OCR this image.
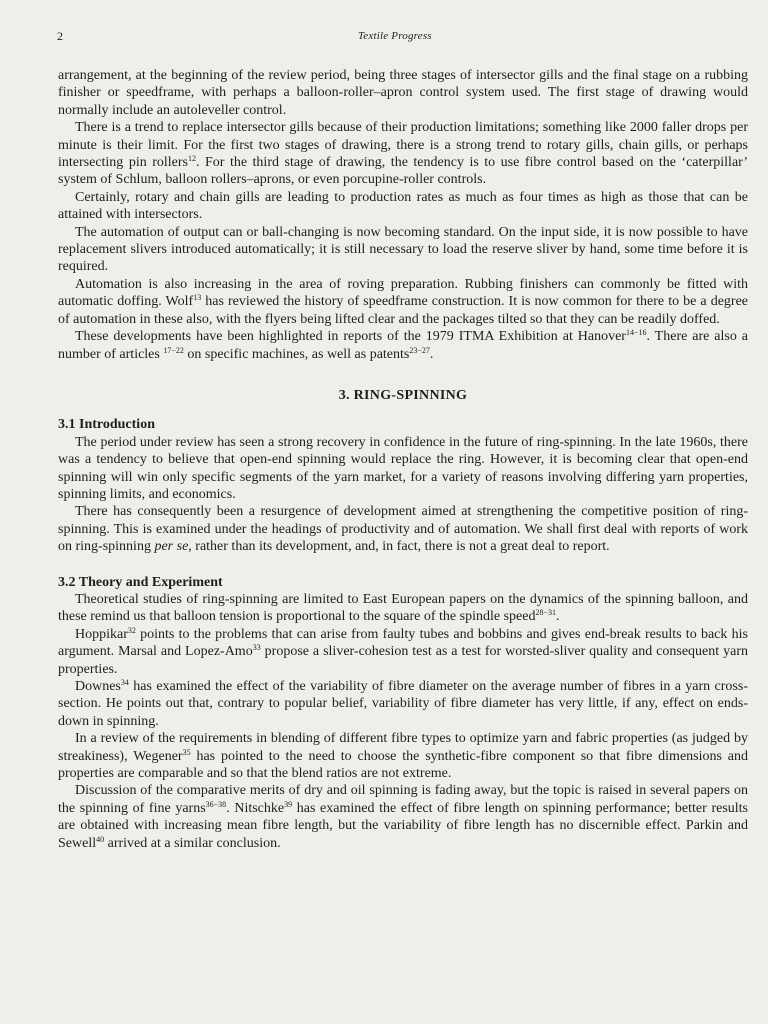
2	Textile Progress

arrangement, at the beginning of the review period, being three stages of intersector gills and the final stage on a rubbing finisher or speedframe, with perhaps a balloon-roller–apron control system used. The first stage of drawing would normally include an autoleveller control.

There is a trend to replace intersector gills because of their production limitations; something like 2000 faller drops per minute is their limit. For the first two stages of drawing, there is a strong trend to rotary gills, chain gills, or perhaps intersecting pin rollers$^{12}$. For the third stage of drawing, the tendency is to use fibre control based on the ‘caterpillar’ system of Schlum, balloon rollers–aprons, or even porcupine-roller controls.

Certainly, rotary and chain gills are leading to production rates as much as four times as high as those that can be attained with intersectors.

The automation of output can or ball-changing is now becoming standard. On the input side, it is now possible to have replacement slivers introduced automatically; it is still necessary to load the reserve sliver by hand, some time before it is required.

Automation is also increasing in the area of roving preparation. Rubbing finishers can commonly be fitted with automatic doffing. Wolf$^{13}$ has reviewed the history of speedframe construction. It is now common for there to be a degree of automation in these also, with the flyers being lifted clear and the packages tilted so that they can be readily doffed.

These developments have been highlighted in reports of the 1979 ITMA Exhibition at Hanover$^{14-16}$. There are also a number of articles $^{17-22}$ on specific machines, as well as patents$^{23-27}$.

3. RING-SPINNING
3.1 Introduction

The period under review has seen a strong recovery in confidence in the future of ring-spinning. In the late 1960s, there was a tendency to believe that open-end spinning would replace the ring. However, it is becoming clear that open-end spinning will win only specific segments of the yarn market, for a variety of reasons involving differing yarn properties, spinning limits, and economics.

There has consequently been a resurgence of development aimed at strengthening the competitive position of ring-spinning. This is examined under the headings of productivity and of automation. We shall first deal with reports of work on ring-spinning per se, rather than its development, and, in fact, there is not a great deal to report.

3.2 Theory and Experiment

Theoretical studies of ring-spinning are limited to East European papers on the dynamics of the spinning balloon, and these remind us that balloon tension is proportional to the square of the spindle speed$^{28-31}$.

Hoppikar$^{32}$ points to the problems that can arise from faulty tubes and bobbins and gives end-break results to back his argument. Marsal and Lopez-Amo$^{33}$ propose a sliver-cohesion test as a test for worsted-sliver quality and consequent yarn properties.

Downes$^{34}$ has examined the effect of the variability of fibre diameter on the average number of fibres in a yarn cross-section. He points out that, contrary to popular belief, variability of fibre diameter has very little, if any, effect on ends-down in spinning.

In a review of the requirements in blending of different fibre types to optimize yarn and fabric properties (as judged by streakiness), Wegener$^{35}$ has pointed to the need to choose the synthetic-fibre component so that fibre dimensions and properties are comparable and so that the blend ratios are not extreme.

Discussion of the comparative merits of dry and oil spinning is fading away, but the topic is raised in several papers on the spinning of fine yarns$^{36-38}$. Nitschke$^{39}$ has examined the effect of fibre length on spinning performance; better results are obtained with increasing mean fibre length, but the variability of fibre length has no discernible effect. Parkin and Sewell$^{40}$ arrived at a similar conclusion.
